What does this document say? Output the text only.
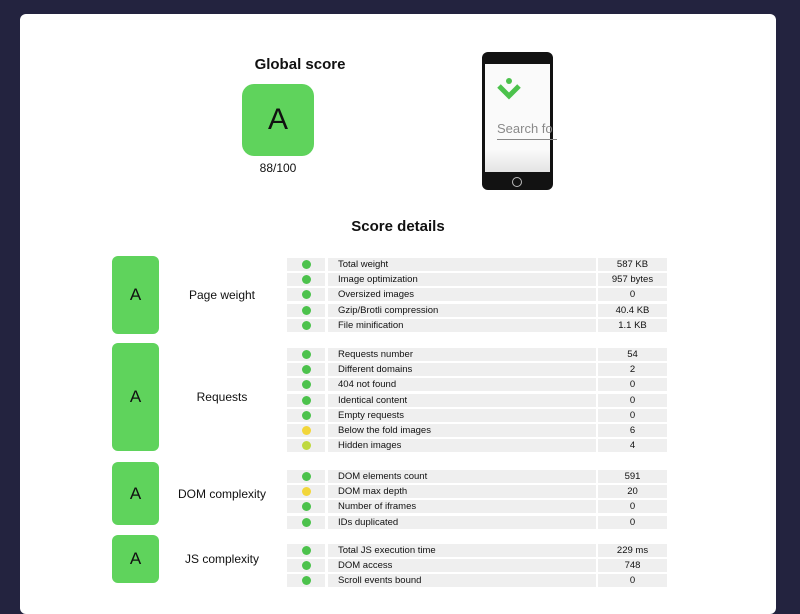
Global score
A
88/100
Search fo
Score details
A	Page weight
Total weight	587 KB
Image optimization	957 bytes
Oversized images	0
Gzip/Brotli compression	40.4 KB
File minification	1.1 KB
A	Requests
Requests number	54
Different domains	2
404 not found	0
Identical content	0
Empty requests	0
Below the fold images	6
Hidden images	4
A	DOM complexity
DOM elements count	591
DOM max depth	20
Number of iframes	0
IDs duplicated	0
A	JS complexity
Total JS execution time	229 ms
DOM access	748
Scroll events bound	0
